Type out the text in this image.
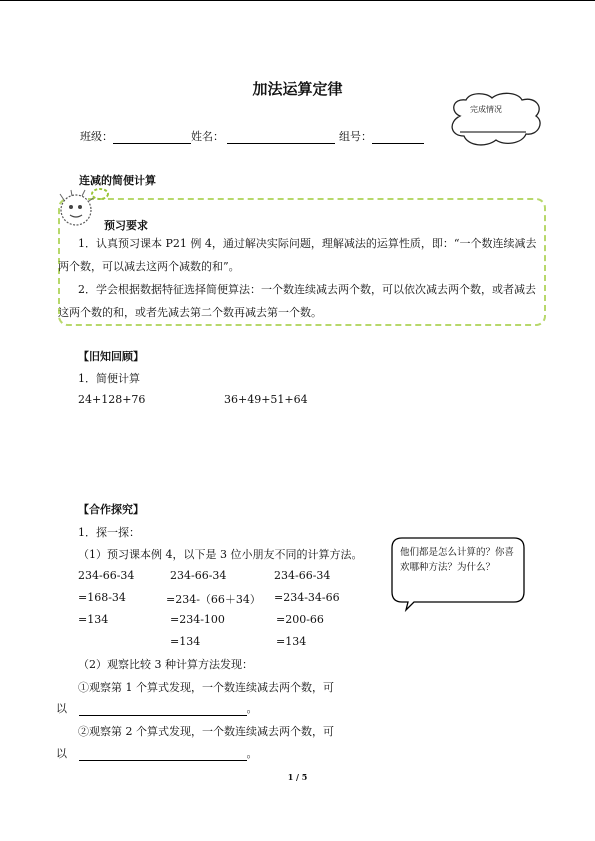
加法运算定律
班级：	姓名：	组号：
完成情况
连减的简便计算
预习要求
1．认真预习课本 P21 例 4，通过解决实际问题，理解减法的运算性质，即：“一个数连续减去两个数，可以减去这两个减数的和”。
2．学会根据数据特征选择简便算法：一个数连续减去两个数，可以依次减去两个数，或者减去这两个数的和，或者先减去第二个数再减去第一个数。
【旧知回顾】
1．简便计算
24+128+76	36+49+51+64
【合作探究】
1．探一探：
（1）预习课本例 4，以下是 3 位小朋友不同的计算方法。
234-66-34
=168-34
=134
234-66-34
=234-（66＋34）
=234-100
=134
234-66-34
=234-34-66
=200-66
=134
他们都是怎么计算的？你喜欢哪种方法？为什么？
（2）观察比较 3 种计算方法发现：
①观察第 1 个算式发现，一个数连续减去两个数，可
以	。
②观察第 2 个算式发现，一个数连续减去两个数，可
以	。
1 / 5
